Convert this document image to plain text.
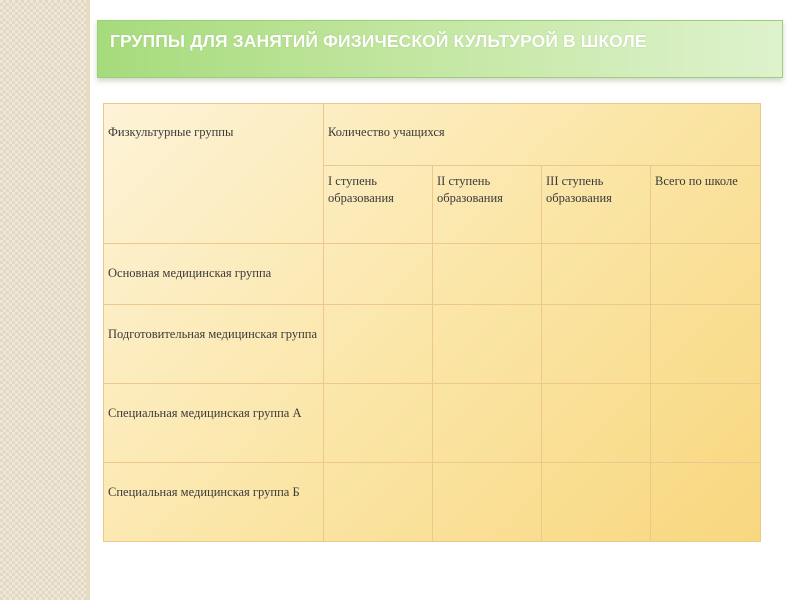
ГРУППЫ ДЛЯ ЗАНЯТИЙ ФИЗИЧЕСКОЙ КУЛЬТУРОЙ В ШКОЛЕ
Физкультурные группы	Количество учащихся			
	I ступень образования	II ступень образования	III ступень образования	Всего по школе
Основная медицинская группа				
Подготовительная медицинская группа				
Специальная медицинская группа А				
Специальная медицинская группа Б				
